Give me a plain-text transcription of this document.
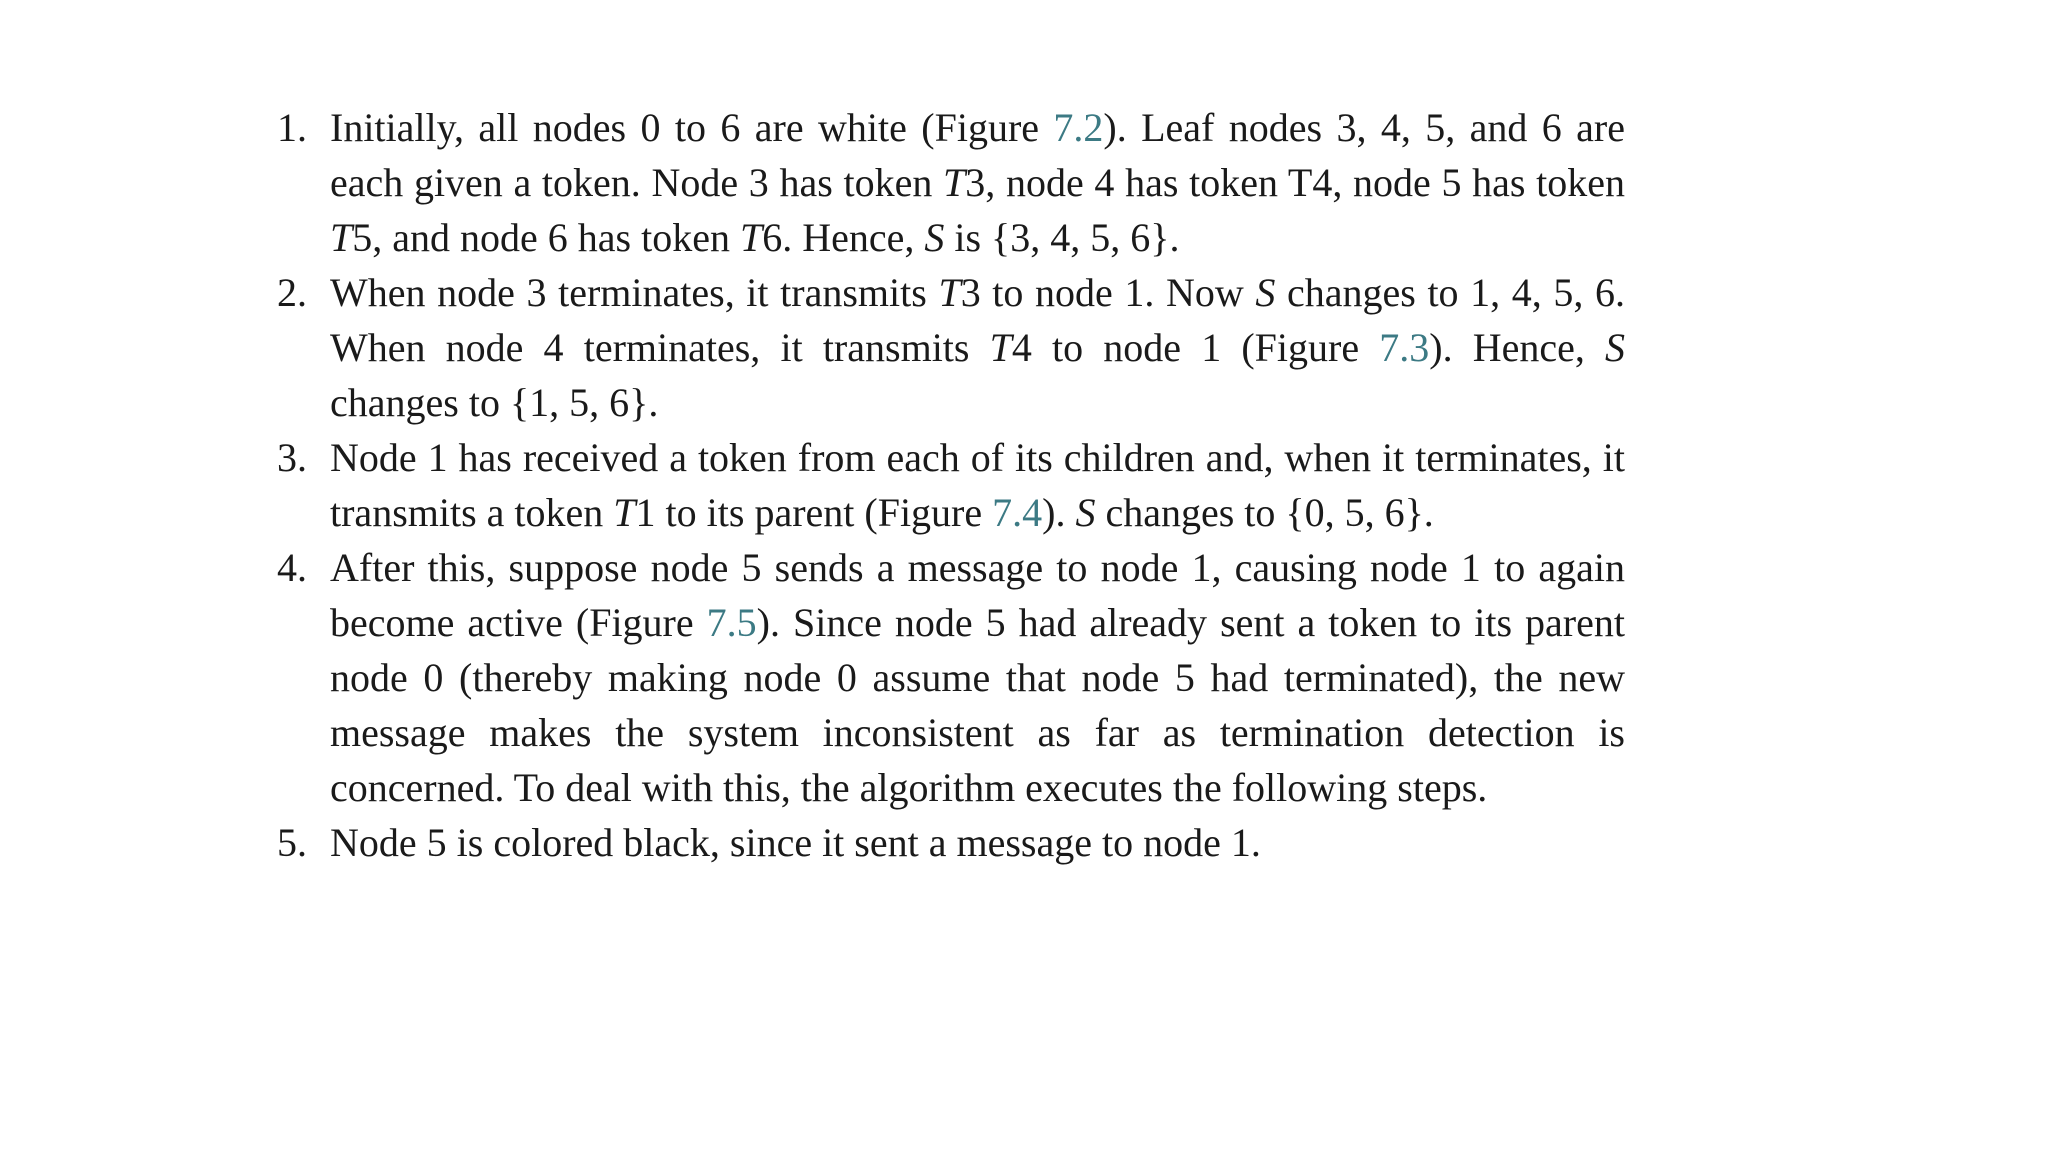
1. Initially, all nodes 0 to 6 are white (Figure 7.2). Leaf nodes 3, 4, 5, and 6 are each given a token. Node 3 has token T3, node 4 has token T4, node 5 has token T5, and node 6 has token T6. Hence, S is {3, 4, 5, 6}.
2. When node 3 terminates, it transmits T3 to node 1. Now S changes to 1, 4, 5, 6. When node 4 terminates, it transmits T4 to node 1 (Figure 7.3). Hence, S changes to {1, 5, 6}.
3. Node 1 has received a token from each of its children and, when it terminates, it transmits a token T1 to its parent (Figure 7.4). S changes to {0, 5, 6}.
4. After this, suppose node 5 sends a message to node 1, causing node 1 to again become active (Figure 7.5). Since node 5 had already sent a token to its parent node 0 (thereby making node 0 assume that node 5 had terminated), the new message makes the system inconsistent as far as termination detection is concerned. To deal with this, the algorithm executes the following steps.
5. Node 5 is colored black, since it sent a message to node 1.
